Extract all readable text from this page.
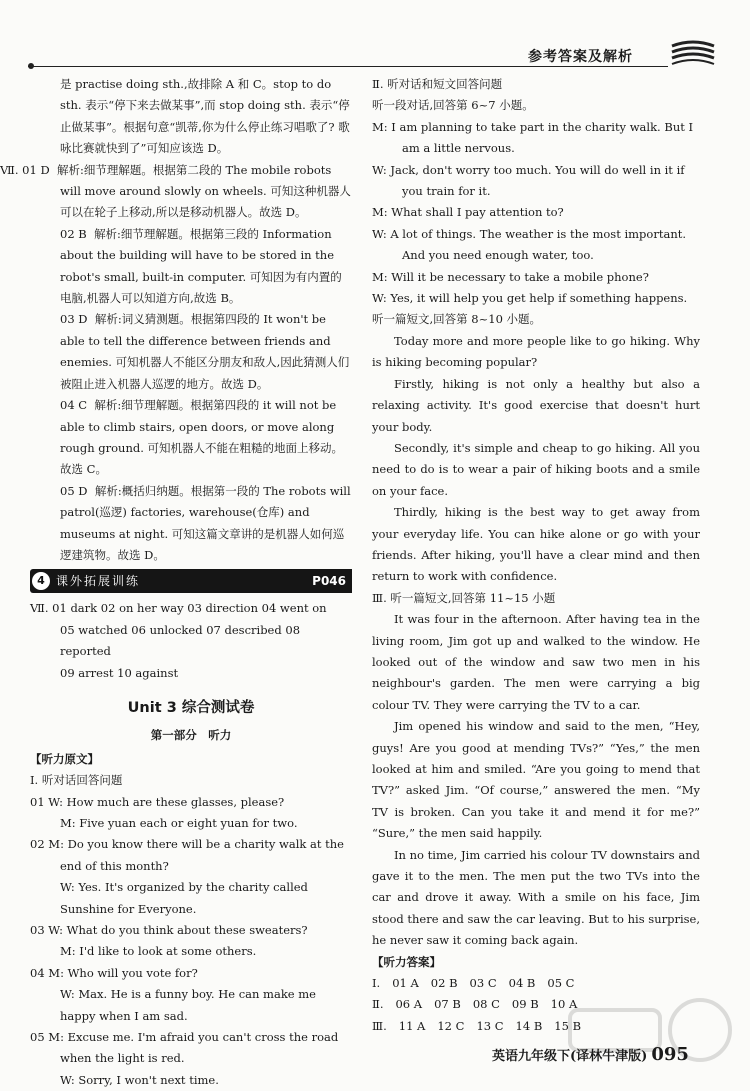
参考答案及解析

是 practise doing sth.,故排除 A 和 C。stop to do sth. 表示“停下来去做某事”,而 stop doing sth. 表示“停止做某事”。根据句意“凯蒂,你为什么停止练习唱歌了? 歌咏比赛就快到了”可知应该选 D。

Ⅶ. 01 D 解析:细节理解题。根据第二段的 The mobile robots will move around slowly on wheels. 可知这种机器人可以在轮子上移动,所以是移动机器人。故选 D。
02 B 解析:细节理解题。根据第三段的 Information about the building will have to be stored in the robot's small, built-in computer. 可知因为有内置的电脑,机器人可以知道方向,故选 B。
03 D 解析:词义猜测题。根据第四段的 It won't be able to tell the difference between friends and enemies. 可知机器人不能区分朋友和敌人,因此猜测人们被阻止进入机器人巡逻的地方。故选 D。
04 C 解析:细节理解题。根据第四段的 it will not be able to climb stairs, open doors, or move along rough ground. 可知机器人不能在粗糙的地面上移动。故选 C。
05 D 解析:概括归纳题。根据第一段的 The robots will patrol(巡逻) factories, warehouse(仓库) and museums at night. 可知这篇文章讲的是机器人如何巡逻建筑物。故选 D。
4 课外拓展训练	P046
Ⅶ. 01 dark 02 on her way 03 direction 04 went on
05 watched 06 unlocked 07 described 08 reported
09 arrest 10 against
Unit 3 综合测试卷
第一部分　听力
【听力原文】
Ⅰ. 听对话回答问题
01 W: How much are these glasses, please?
M: Five yuan each or eight yuan for two.
02 M: Do you know there will be a charity walk at the end of this month?
W: Yes. It's organized by the charity called Sunshine for Everyone.
03 W: What do you think about these sweaters?
M: I'd like to look at some others.
04 M: Who will you vote for?
W: Max. He is a funny boy. He can make me happy when I am sad.
05 M: Excuse me. I'm afraid you can't cross the road when the light is red.
W: Sorry, I won't next time.
Ⅱ. 听对话和短文回答问题
听一段对话,回答第 6~7 小题。
M: I am planning to take part in the charity walk. But I am a little nervous.
W: Jack, don't worry too much. You will do well in it if you train for it.
M: What shall I pay attention to?
W: A lot of things. The weather is the most important. And you need enough water, too.
M: Will it be necessary to take a mobile phone?
W: Yes, it will help you get help if something happens.
听一篇短文,回答第 8~10 小题。

Today more and more people like to go hiking. Why is hiking becoming popular?

Firstly, hiking is not only a healthy but also a relaxing activity. It's good exercise that doesn't hurt your body.

Secondly, it's simple and cheap to go hiking. All you need to do is to wear a pair of hiking boots and a smile on your face.

Thirdly, hiking is the best way to get away from your everyday life. You can hike alone or go with your friends. After hiking, you'll have a clear mind and then return to work with confidence.

Ⅲ. 听一篇短文,回答第 11~15 小题

It was four in the afternoon. After having tea in the living room, Jim got up and walked to the window. He looked out of the window and saw two men in his neighbour's garden. The men were carrying a big colour TV. They were carrying the TV to a car.

Jim opened his window and said to the men, “Hey, guys! Are you good at mending TVs?” “Yes,” the men looked at him and smiled. “Are you going to mend that TV?” asked Jim. “Of course,” answered the men. “My TV is broken. Can you take it and mend it for me?” “Sure,” the men said happily.

In no time, Jim carried his colour TV downstairs and gave it to the men. The men put the two TVs into the car and drove it away. With a smile on his face, Jim stood there and saw the car leaving. But to his surprise, he never saw it coming back again.

【听力答案】
Ⅰ. 01 A 02 B 03 C 04 B 05 C
Ⅱ. 06 A 07 B 08 C 09 B 10 A
Ⅲ. 11 A 12 C 13 C 14 B 15 B
英语九年级下(译林牛津版) 095
